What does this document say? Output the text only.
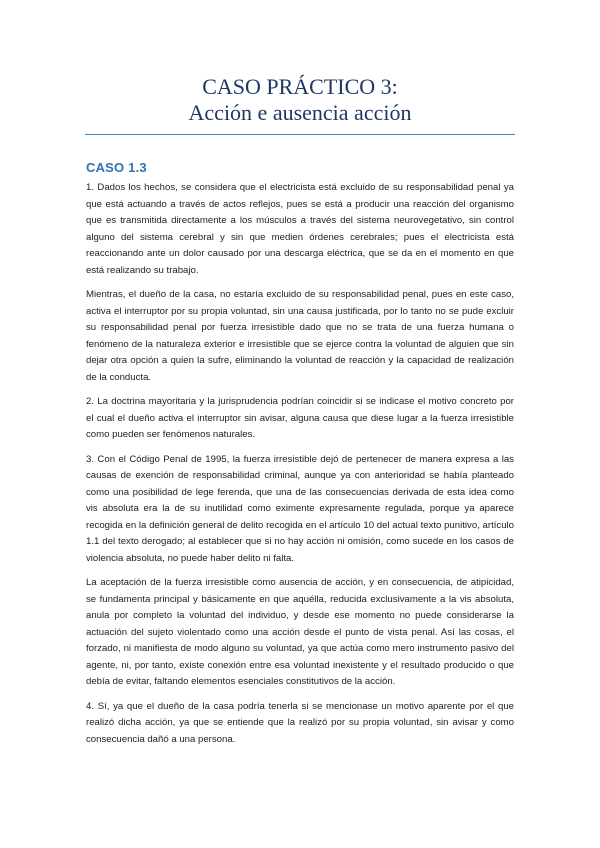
CASO PRÁCTICO 3:
Acción e ausencia acción
CASO 1.3

1. Dados los hechos, se considera que el electricista está excluido de su responsabilidad penal ya que está actuando a través de actos reflejos, pues se está a producir una reacción del organismo que es transmitida directamente a los músculos a través del sistema neurovegetativo, sin control alguno del sistema cerebral y sin que medien órdenes cerebrales; pues el electricista está reaccionando ante un dolor causado por una descarga eléctrica, que se da en el momento en que está realizando su trabajo.

Mientras, el dueño de la casa, no estaría excluido de su responsabilidad penal, pues en este caso, activa el interruptor por su propia voluntad, sin una causa justificada, por lo tanto no se pude excluir su responsabilidad penal por fuerza irresistible dado que no se trata de una fuerza humana o fenómeno de la naturaleza exterior e irresistible que se ejerce contra la voluntad de alguien que sin dejar otra opción a quien la sufre, eliminando la voluntad de reacción y la capacidad de realización de la conducta.

2. La doctrina mayoritaria y la jurisprudencia podrían coincidir si se indicase el motivo concreto por el cual el dueño activa el interruptor sin avisar, alguna causa que diese lugar a la fuerza irresistible como pueden ser fenómenos naturales.

3. Con el Código Penal de 1995, la fuerza irresistible dejó de pertenecer de manera expresa a las causas de exención de responsabilidad criminal, aunque ya con anterioridad se había planteado como una posibilidad de lege ferenda, que una de las consecuencias derivada de esta idea como vis absoluta era la de su inutilidad como eximente expresamente regulada, porque ya aparece recogida en la definición general de delito recogida en el artículo 10 del actual texto punitivo, artículo 1.1 del texto derogado; al establecer que si no hay acción ni omisión, como sucede en los casos de violencia absoluta, no puede haber delito ni falta.

La aceptación de la fuerza irresistible como ausencia de acción, y en consecuencia, de atipicidad, se fundamenta principal y básicamente en que aquélla, reducida exclusivamente a la vis absoluta, anula por completo la voluntad del individuo, y desde ese momento no puede considerarse la actuación del sujeto violentado como una acción desde el punto de vista penal. Así las cosas, el forzado, ni manifiesta de modo alguno su voluntad, ya que actúa como mero instrumento pasivo del agente, ni, por tanto, existe conexión entre esa voluntad inexistente y el resultado producido o que debía de evitar, faltando elementos esenciales constitutivos de la acción.

4. Sí, ya que el dueño de la casa podría tenerla si se mencionase un motivo aparente por el que realizó dicha acción, ya que se entiende que la realizó por su propia voluntad, sin avisar y como consecuencia dañó a una persona.
